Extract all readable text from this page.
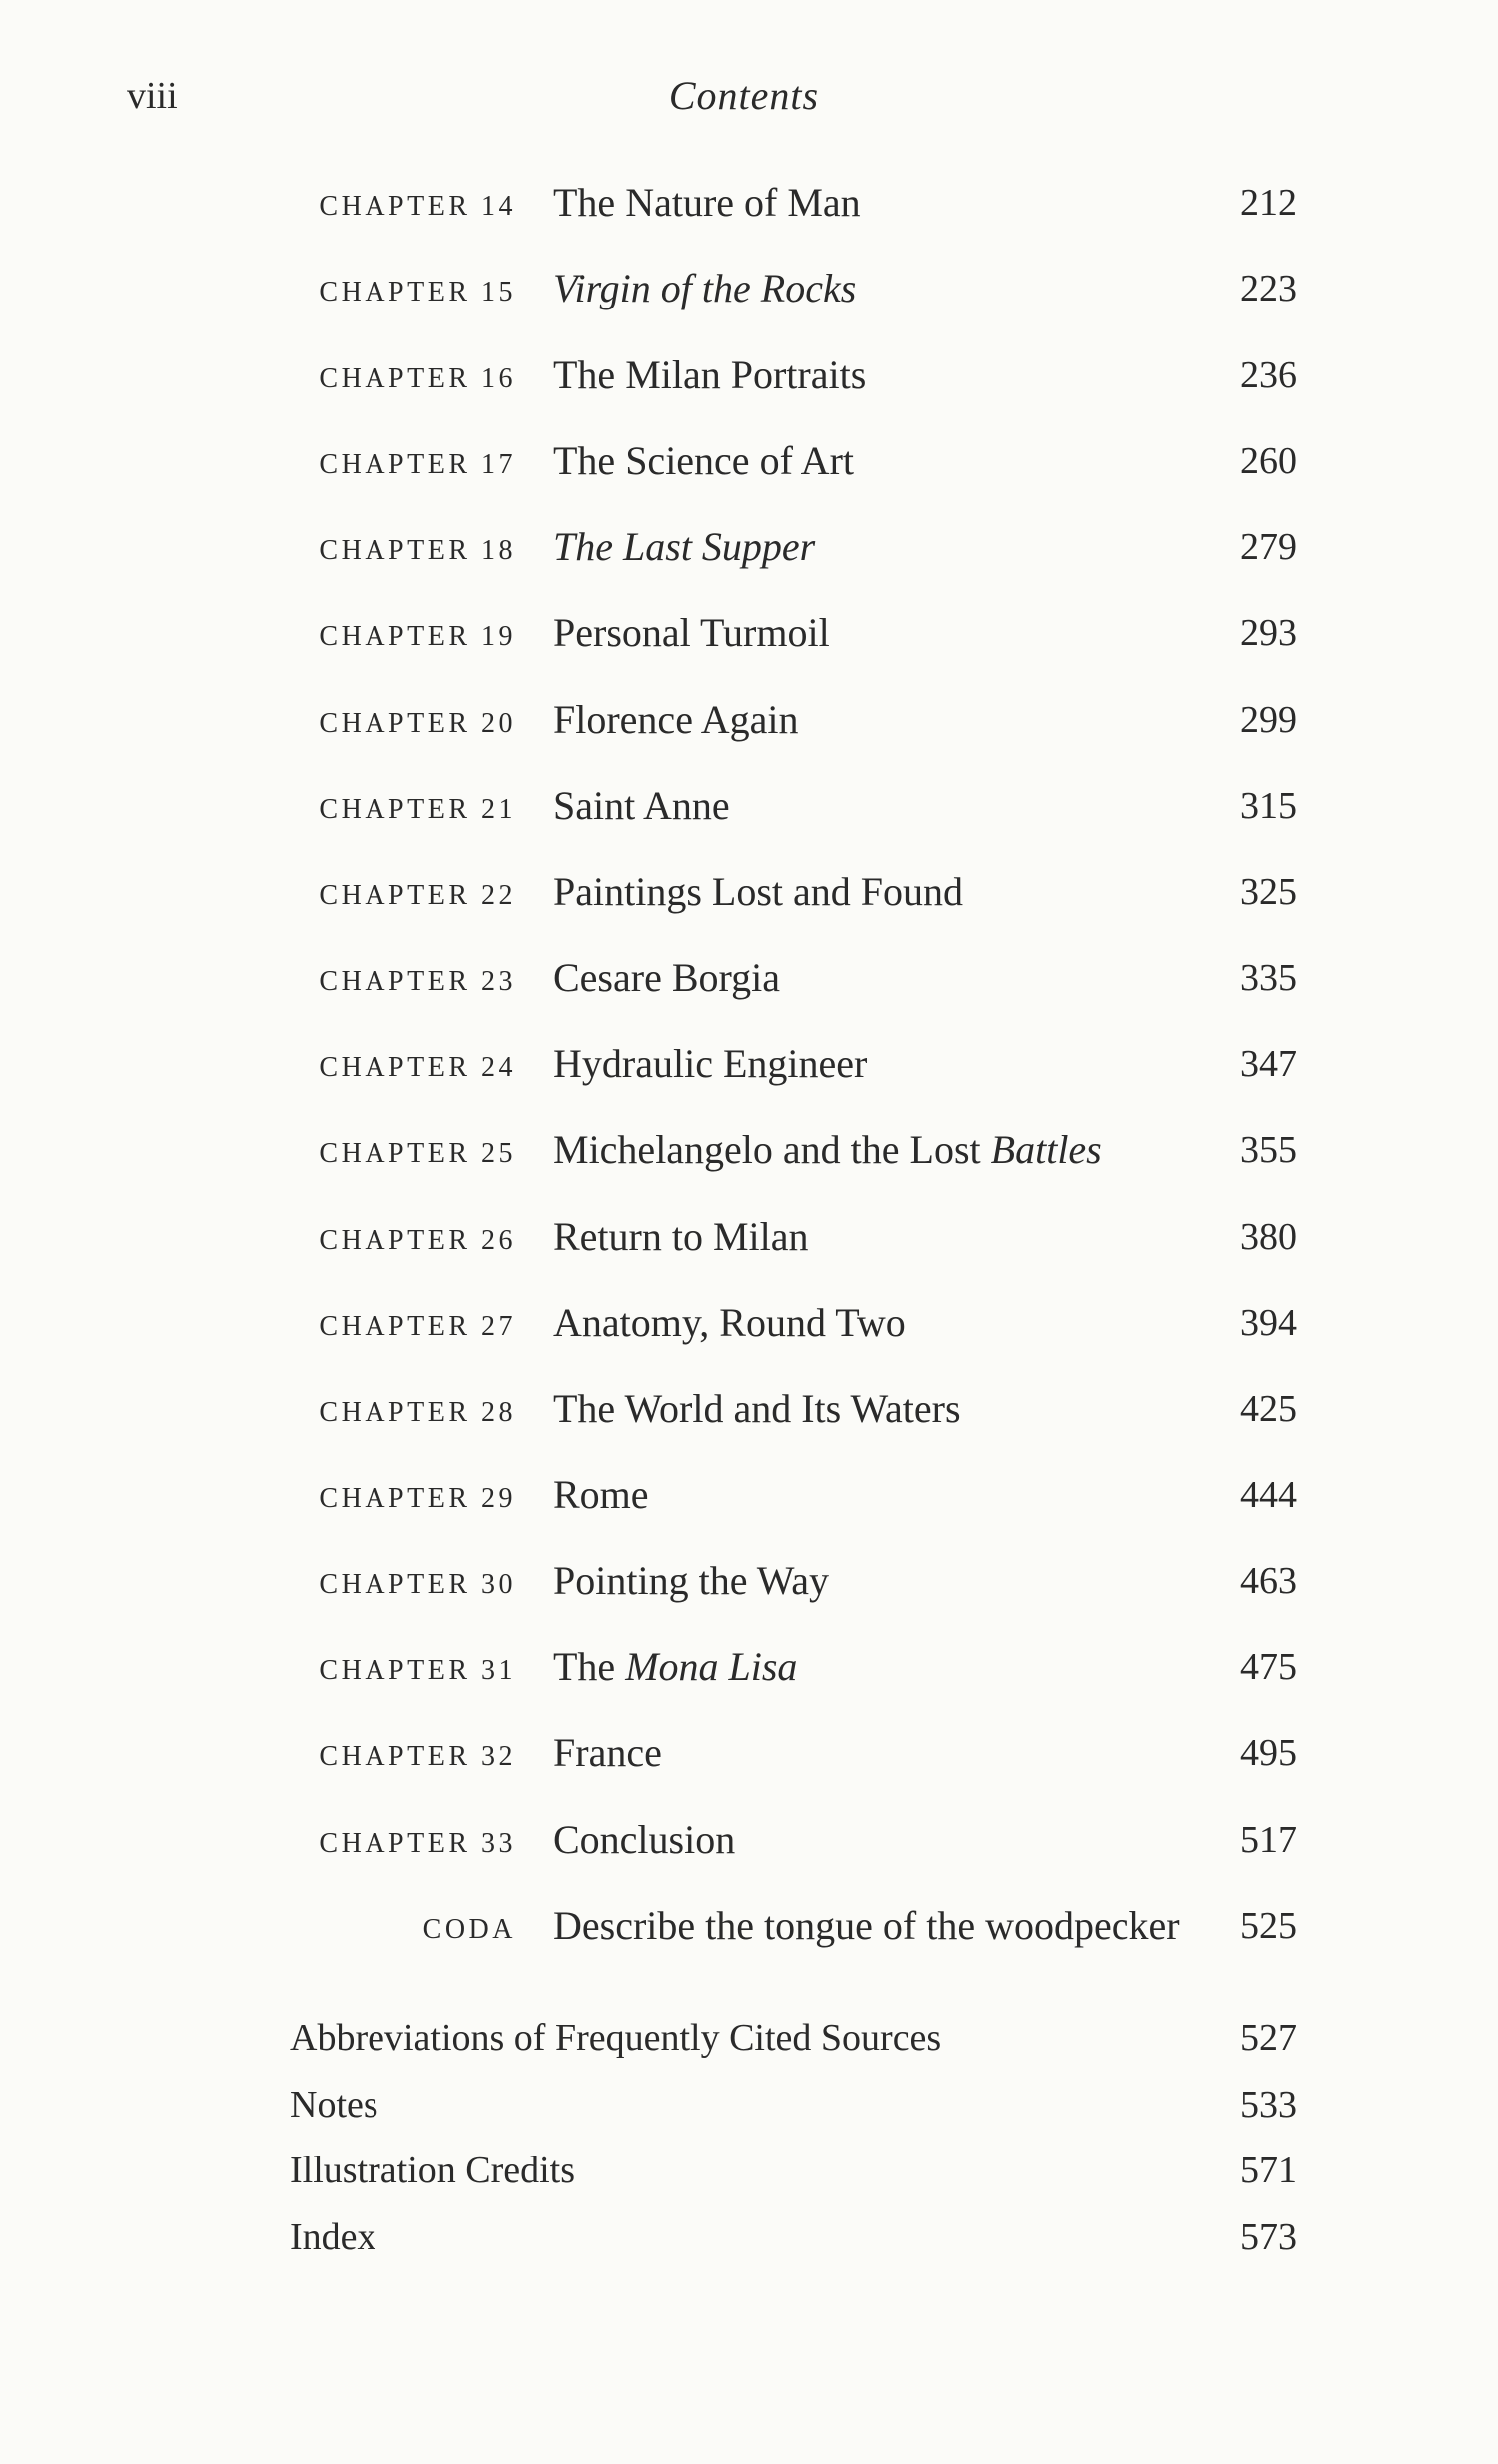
viii	Contents
CHAPTER 14 The Nature of Man	212
CHAPTER 15 Virgin of the Rocks	223
CHAPTER 16 The Milan Portraits	236
CHAPTER 17 The Science of Art	260
CHAPTER 18 The Last Supper	279
CHAPTER 19 Personal Turmoil	293
CHAPTER 20 Florence Again	299
CHAPTER 21 Saint Anne	315
CHAPTER 22 Paintings Lost and Found	325
CHAPTER 23 Cesare Borgia	335
CHAPTER 24 Hydraulic Engineer	347
CHAPTER 25 Michelangelo and the Lost Battles	355
CHAPTER 26 Return to Milan	380
CHAPTER 27 Anatomy, Round Two	394
CHAPTER 28 The World and Its Waters	425
CHAPTER 29 Rome	444
CHAPTER 30 Pointing the Way	463
CHAPTER 31 The Mona Lisa	475
CHAPTER 32 France	495
CHAPTER 33 Conclusion	517
CODA Describe the tongue of the woodpecker 525
Abbreviations of Frequently Cited Sources	527
Notes	533
Illustration Credits	571
Index	573
